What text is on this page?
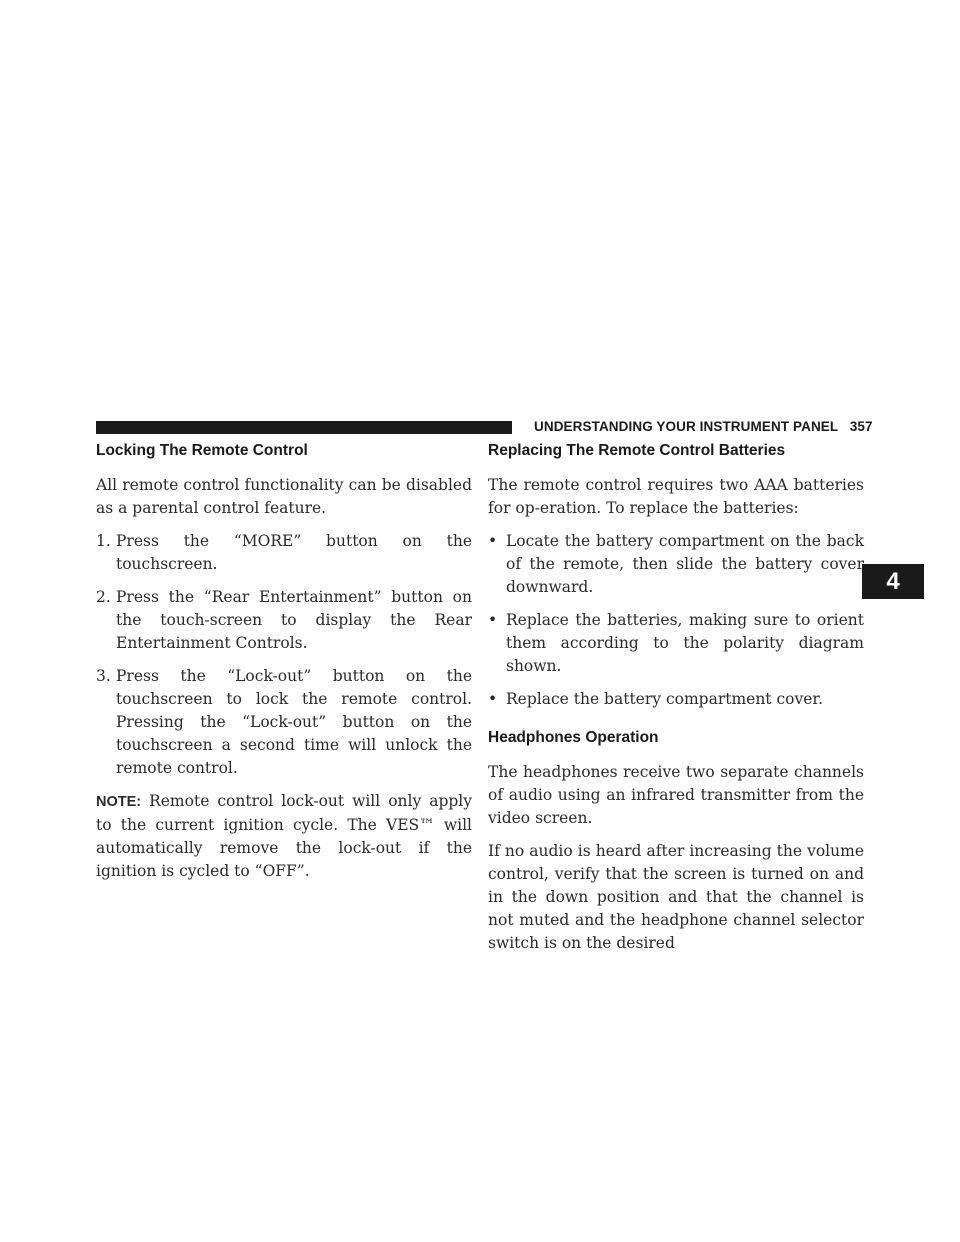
UNDERSTANDING YOUR INSTRUMENT PANEL 357
4
Locking The Remote Control

All remote control functionality can be disabled as a parental control feature.

1. Press the “MORE” button on the touchscreen.

2. Press the “Rear Entertainment” button on the touch-screen to display the Rear Entertainment Controls.

3. Press the “Lock-out” button on the touchscreen to lock the remote control. Pressing the “Lock-out” button on the touchscreen a second time will unlock the remote control.

NOTE: Remote control lock-out will only apply to the current ignition cycle. The VES™ will automatically remove the lock-out if the ignition is cycled to “OFF”.

Replacing The Remote Control Batteries

The remote control requires two AAA batteries for op-eration. To replace the batteries:

• Locate the battery compartment on the back of the remote, then slide the battery cover downward.

• Replace the batteries, making sure to orient them according to the polarity diagram shown.

• Replace the battery compartment cover.

Headphones Operation

The headphones receive two separate channels of audio using an infrared transmitter from the video screen.

If no audio is heard after increasing the volume control, verify that the screen is turned on and in the down position and that the channel is not muted and the headphone channel selector switch is on the desired
